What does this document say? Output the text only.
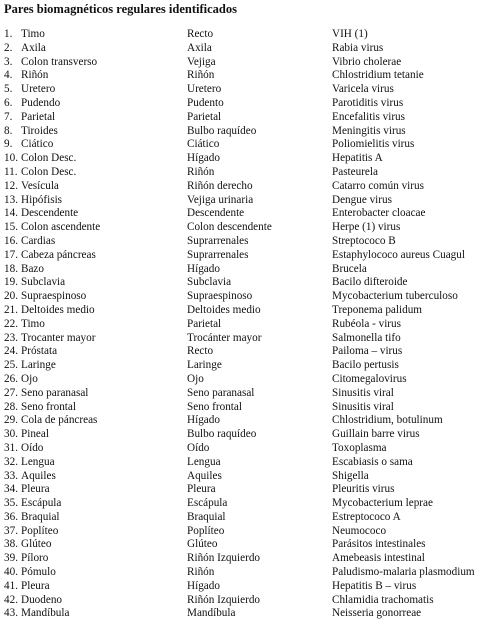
Pares biomagnéticos regulares identificados
1. Timo	Recto	VIH (1)
2. Axila	Axila	Rabia virus
3. Colon transverso	Vejiga	Vibrio cholerae
4. Riñón	Riñón	Chlostridium tetanie
5. Uretero	Uretero	Varicela virus
6. Pudendo	Pudento	Parotiditis virus
7. Parietal	Parietal	Encefalitis virus
8. Tiroides	Bulbo raquídeo	Meningitis virus
9. Ciático	Ciático	Poliomielitis virus
10. Colon Desc.	Hígado	Hepatitis A
11. Colon Desc.	Riñón	Pasteurela
12. Vesícula	Riñón derecho	Catarro común virus
13. Hipófisis	Vejiga urinaria	Dengue virus
14. Descendente	Descendente	Enterobacter cloacae
15. Colon ascendente	Colon descendente	Herpe (1) virus
16. Cardias	Suprarrenales	Streptococo B
17. Cabeza páncreas	Suprarrenales	Estaphylococo aureus Cuagul
18. Bazo	Hígado	Brucela
19. Subclavia	Subclavia	Bacilo difteroide
20. Supraespinoso	Supraespinoso	Mycobacterium tuberculoso
21. Deltoides medio	Deltoides medio	Treponema palidum
22. Timo	Parietal	Rubéola - virus
23. Trocanter mayor	Trocánter mayor	Salmonella tifo
24. Próstata	Recto	Pailoma – virus
25. Laringe	Laringe	Bacilo pertusis
26. Ojo	Ojo	Citomegalovirus
27. Seno paranasal	Seno paranasal	Sinusitis viral
28. Seno frontal	Seno frontal	Sinusitis viral
29. Cola de páncreas	Hígado	Chlostridium, botulinum
30. Pineal	Bulbo raquídeo	Guillain barre virus
31. Oído	Oído	Toxoplasma
32. Lengua	Lengua	Escabiasis o sama
33. Aquiles	Aquiles	Shigella
34. Pleura	Pleura	Pleuritis virus
35. Escápula	Escápula	Mycobacterium leprae
36. Braquial	Braquial	Estreptococo A
37. Poplíteo	Poplíteo	Neumococo
38. Glúteo	Glúteo	Parásitos intestinales
39. Píloro	Riñón Izquierdo	Amebeasis intestinal
40. Pómulo	Riñón	Paludismo-malaria plasmodium
41. Pleura	Hígado	Hepatitis B – virus
42. Duodeno	Riñón Izquierdo	Chlamidia trachomatis
43. Mandíbula	Mandíbula	Neisseria gonorreae
